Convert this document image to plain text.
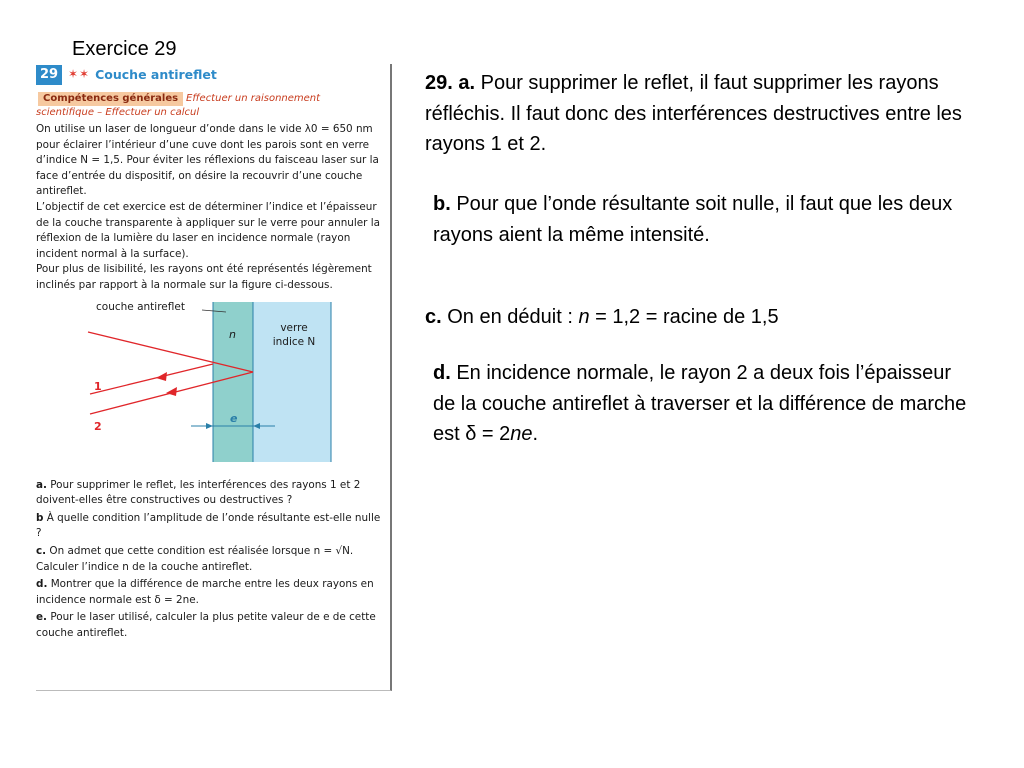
Exercice 29
29 ✶✶ Couche antireflet
Effectuer un raisonnement scientifique – Effectuer un calcul
Compétences générales

On utilise un laser de longueur d’onde dans le vide λ0 = 650 nm pour éclairer l’intérieur d’une cuve dont les parois sont en verre d’indice N = 1,5. Pour éviter les réflexions du faisceau laser sur la face d’entrée du dispositif, on désire la recouvrir d’une couche antireflet.

L’objectif de cet exercice est de déterminer l’indice et l’épaisseur de la couche transparente à appliquer sur le verre pour annuler la réflexion de la lumière du laser en incidence normale (rayon incident normal à la surface).

Pour plus de lisibilité, les rayons ont été représentés légèrement inclinés par rapport à la normale sur la figure ci-dessous.

couche antireflet
n	verre
indice N
1
2
e

a. Pour supprimer le reflet, les interférences des rayons 1 et 2 doivent-elles être constructives ou destructives ?

b À quelle condition l’amplitude de l’onde résultante est-elle nulle ?

c. On admet que cette condition est réalisée lorsque n = √N. Calculer l’indice n de la couche antireflet.

d. Montrer que la différence de marche entre les deux rayons en incidence normale est δ = 2ne.

e. Pour le laser utilisé, calculer la plus petite valeur de e de cette couche antireflet.

29. a. Pour supprimer le reflet, il faut supprimer les rayons réfléchis. Il faut donc des interférences destructives entre les rayons 1 et 2.
b. Pour que l’onde résultante soit nulle, il faut que les deux rayons aient la même intensité.
c. On en déduit : n = 1,2 = racine de 1,5
d. En incidence normale, le rayon 2 a deux fois l’épaisseur de la couche antireflet à traverser et la différence de marche est δ = 2ne.
